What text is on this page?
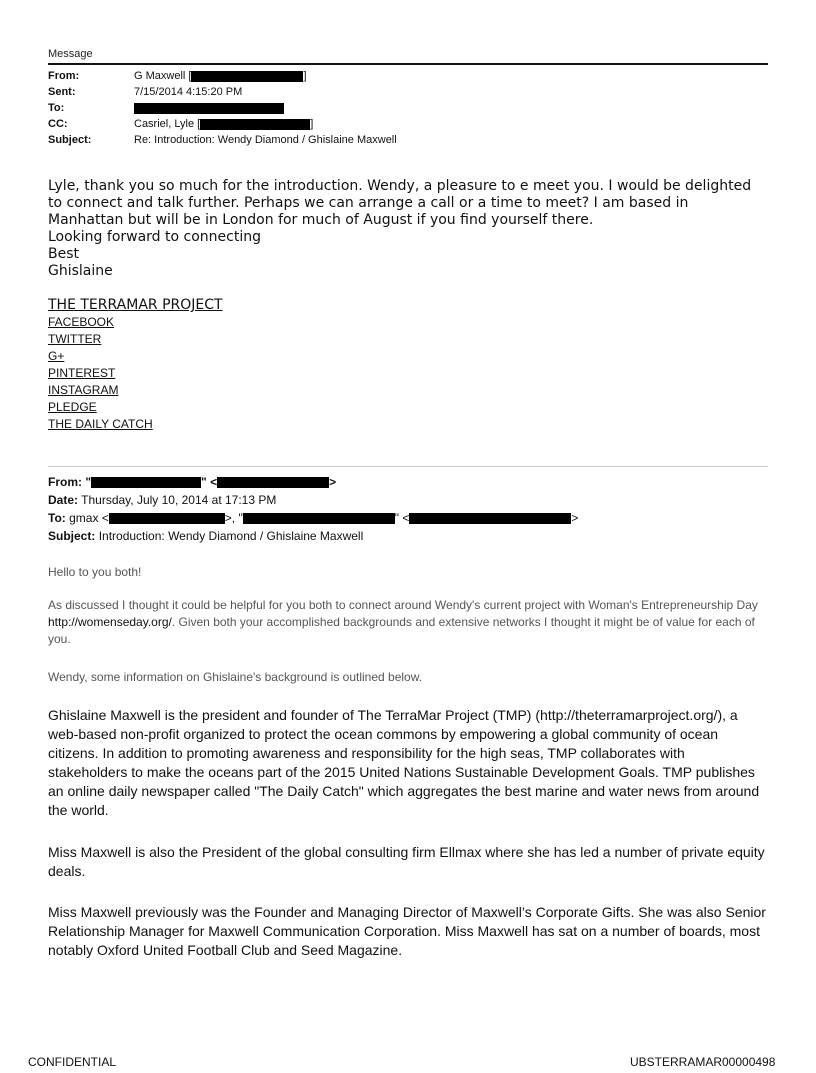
Message
From:	G Maxwell [	]
Sent:	7/15/2014 4:15:20 PM
To:
CC:	Casriel, Lyle [	]
Subject:	Re: Introduction: Wendy Diamond / Ghislaine Maxwell
Lyle, thank you so much for the introduction. Wendy, a pleasure to e meet you. I would be delighted to connect and talk further. Perhaps we can arrange a call or a time to meet? I am based in Manhattan but will be in London for much of August if you find yourself there.
Looking forward to connecting
Best
Ghislaine
THE TERRAMAR PROJECT
FACEBOOK
TWITTER
G+
PINTEREST
INSTAGRAM
PLEDGE
THE DAILY CATCH
From: "	" <	>
Date: Thursday, July 10, 2014 at 17:13 PM
To: gmax <	>, "	" <	>
Subject: Introduction: Wendy Diamond / Ghislaine Maxwell
Hello to you both!
As discussed I thought it could be helpful for you both to connect around Wendy's current project with Woman's Entrepreneurship Day http://womenseday.org/. Given both your accomplished backgrounds and extensive networks I thought it might be of value for each of you.
Wendy, some information on Ghislaine's background is outlined below.
Ghislaine Maxwell is the president and founder of The TerraMar Project (TMP) (http://theterramarproject.org/), a web-based non-profit organized to protect the ocean commons by empowering a global community of ocean citizens. In addition to promoting awareness and responsibility for the high seas, TMP collaborates with stakeholders to make the oceans part of the 2015 United Nations Sustainable Development Goals. TMP publishes an online daily newspaper called "The Daily Catch" which aggregates the best marine and water news from around the world.
Miss Maxwell is also the President of the global consulting firm Ellmax where she has led a number of private equity deals.
Miss Maxwell previously was the Founder and Managing Director of Maxwell’s Corporate Gifts. She was also Senior Relationship Manager for Maxwell Communication Corporation. Miss Maxwell has sat on a number of boards, most notably Oxford United Football Club and Seed Magazine.
CONFIDENTIAL	UBSTERRAMAR00000498
